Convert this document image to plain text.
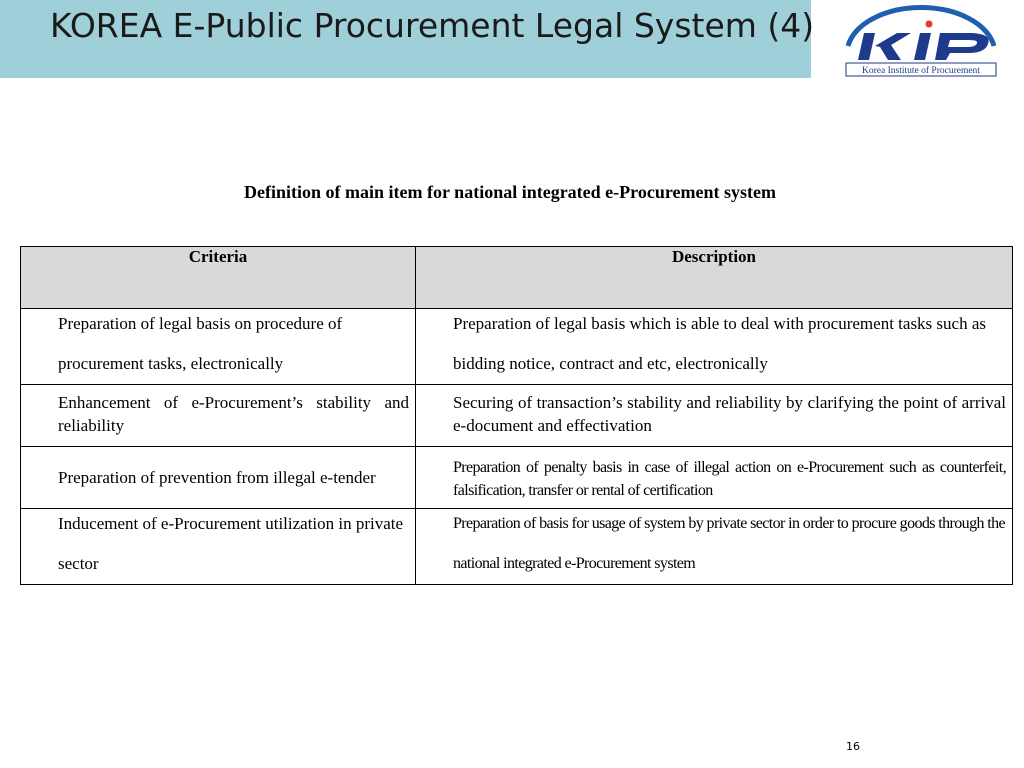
KOREA E-Public Procurement Legal System (4)
Korea Institute of Procurement
Definition of main item for national integrated e-Procurement system
Criteria	Description

Preparation of legal basis on procedure of procurement tasks, electronically	Preparation of legal basis which is able to deal with procurement tasks such as bidding notice, contract and etc, electronically

Enhancement of e-Procurement’s stability and reliability	Securing of transaction’s stability and reliability by clarifying the point of arrival e-document and effectivation

Preparation of prevention from illegal e-tender	Preparation of penalty basis in case of illegal action on e-Procurement such as counterfeit, falsification, transfer or rental of certification

Inducement of e-Procurement utilization in private sector	Preparation of basis for usage of system by private sector in order to procure goods through the national integrated e-Procurement system
16
